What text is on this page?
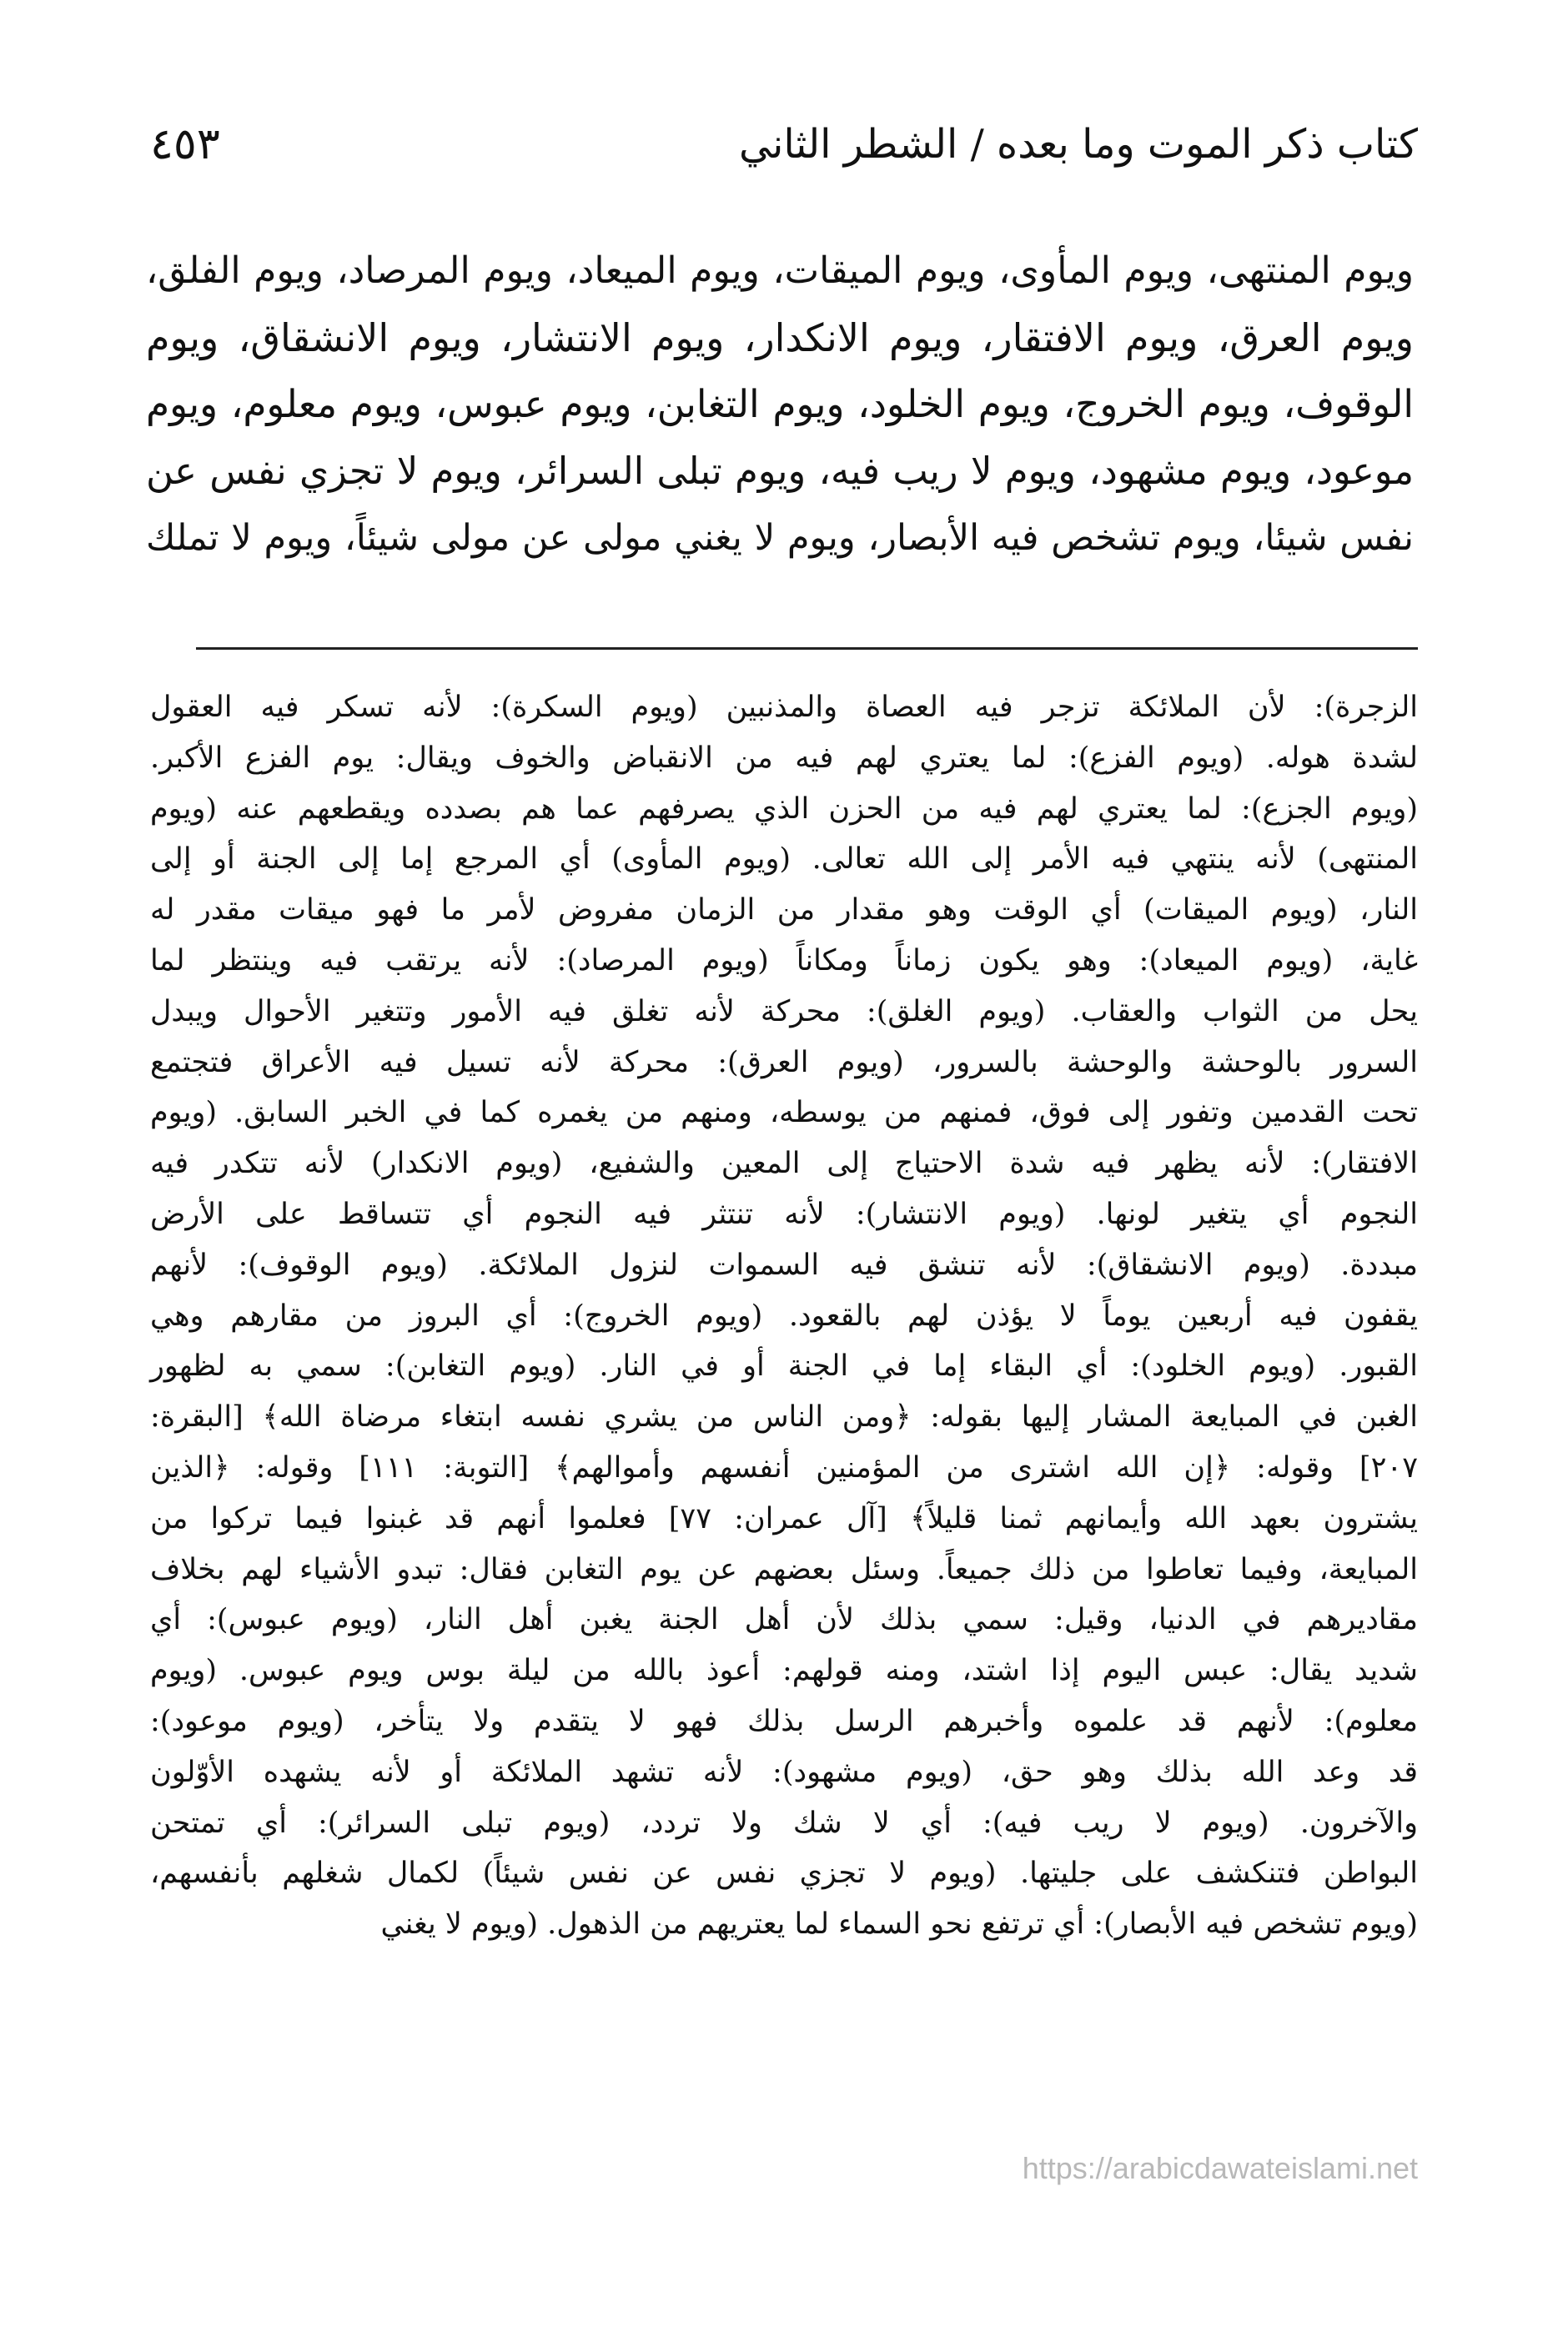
كتاب ذكر الموت وما بعده / الشطر الثاني
٤٥٣
ويوم المنتهى، ويوم المأوى، ويوم الميقات، ويوم الميعاد، ويوم المرصاد، ويوم الفلق،
ويوم العرق، ويوم الافتقار، ويوم الانكدار، ويوم الانتشار، ويوم الانشقاق، ويوم
الوقوف، ويوم الخروج، ويوم الخلود، ويوم التغابن، ويوم عبوس، ويوم معلوم، ويوم
موعود، ويوم مشهود، ويوم لا ريب فيه، ويوم تبلى السرائر، ويوم لا تجزي نفس عن
نفس شيئا، ويوم تشخص فيه الأبصار، ويوم لا يغني مولى عن مولى شيئاً، ويوم لا تملك
الزجرة): لأن الملائكة تزجر فيه العصاة والمذنبين (ويوم السكرة): لأنه تسكر فيه العقول
لشدة هوله. (ويوم الفزع): لما يعتري لهم فيه من الانقباض والخوف ويقال: يوم الفزع الأكبر.
(ويوم الجزع): لما يعتري لهم فيه من الحزن الذي يصرفهم عما هم بصدده ويقطعهم عنه (ويوم
المنتهى) لأنه ينتهي فيه الأمر إلى الله تعالى. (ويوم المأوى) أي المرجع إما إلى الجنة أو إلى
النار، (ويوم الميقات) أي الوقت وهو مقدار من الزمان مفروض لأمر ما فهو ميقات مقدر له
غاية، (ويوم الميعاد): وهو يكون زماناً ومكاناً (ويوم المرصاد): لأنه يرتقب فيه وينتظر لما
يحل من الثواب والعقاب. (ويوم الغلق): محركة لأنه تغلق فيه الأمور وتتغير الأحوال ويبدل
السرور بالوحشة والوحشة بالسرور، (ويوم العرق): محركة لأنه تسيل فيه الأعراق فتجتمع
تحت القدمين وتفور إلى فوق، فمنهم من يوسطه، ومنهم من يغمره كما في الخبر السابق. (ويوم
الافتقار): لأنه يظهر فيه شدة الاحتياج إلى المعين والشفيع، (ويوم الانكدار) لأنه تتكدر فيه
النجوم أي يتغير لونها. (ويوم الانتشار): لأنه تنتثر فيه النجوم أي تتساقط على الأرض
مبددة. (ويوم الانشقاق): لأنه تنشق فيه السموات لنزول الملائكة. (ويوم الوقوف): لأنهم
يقفون فيه أربعين يوماً لا يؤذن لهم بالقعود. (ويوم الخروج): أي البروز من مقارهم وهي
القبور. (ويوم الخلود): أي البقاء إما في الجنة أو في النار. (ويوم التغابن): سمي به لظهور
الغبن في المبايعة المشار إليها بقوله: ﴿ومن الناس من يشري نفسه ابتغاء مرضاة الله﴾ [البقرة:
٢٠٧] وقوله: ﴿إن الله اشترى من المؤمنين أنفسهم وأموالهم﴾ [التوبة: ١١١] وقوله: ﴿الذين
يشترون بعهد الله وأيمانهم ثمنا قليلاً﴾ [آل عمران: ٧٧] فعلموا أنهم قد غبنوا فيما تركوا من
المبايعة، وفيما تعاطوا من ذلك جميعاً. وسئل بعضهم عن يوم التغابن فقال: تبدو الأشياء لهم بخلاف
مقاديرهم في الدنيا، وقيل: سمي بذلك لأن أهل الجنة يغبن أهل النار، (ويوم عبوس): أي
شديد يقال: عبس اليوم إذا اشتد، ومنه قولهم: أعوذ بالله من ليلة بوس ويوم عبوس. (ويوم
معلوم): لأنهم قد علموه وأخبرهم الرسل بذلك فهو لا يتقدم ولا يتأخر، (ويوم موعود):
قد وعد الله بذلك وهو حق، (ويوم مشهود): لأنه تشهد الملائكة أو لأنه يشهده الأوّلون
والآخرون. (ويوم لا ريب فيه): أي لا شك ولا تردد، (ويوم تبلى السرائر): أي تمتحن
البواطن فتنكشف على جليتها. (ويوم لا تجزي نفس عن نفس شيئاً) لكمال شغلهم بأنفسهم،
(ويوم تشخص فيه الأبصار): أي ترتفع نحو السماء لما يعتريهم من الذهول. (ويوم لا يغني
https://arabicdawateislami.net
